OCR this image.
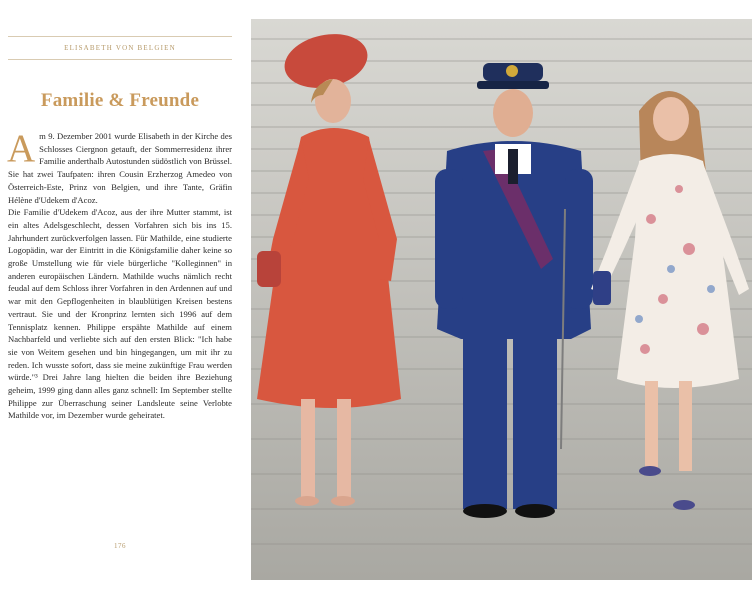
ELISABETH VON BELGIEN
Familie & Freunde

Am 9. Dezember 2001 wurde Elisabeth in der Kirche des Schlosses Ciergnon getauft, der Sommerresidenz ihrer Familie anderthalb Autostunden südöstlich von Brüssel. Sie hat zwei Taufpaten: ihren Cousin Erzherzog Amedeo von Österreich-Este, Prinz von Belgien, und ihre Tante, Gräfin Hélène d'Udekem d'Acoz.

Die Familie d'Udekem d'Acoz, aus der ihre Mutter stammt, ist ein altes Adelsgeschlecht, dessen Vorfahren sich bis ins 15. Jahrhundert zurückverfolgen lassen. Für Mathilde, eine studierte Logopädin, war der Eintritt in die Königsfamilie daher keine so große Umstellung wie für viele bürgerliche "Kolleginnen" in anderen europäischen Ländern. Mathilde wuchs nämlich recht feudal auf dem Schloss ihrer Vorfahren in den Ardennen auf und war mit den Gepflogenheiten in blaublütigen Kreisen bestens vertraut. Sie und der Kronprinz lernten sich 1996 auf dem Tennisplatz kennen. Philippe erspähte Mathilde auf einem Nachbarfeld und verliebte sich auf den ersten Blick: "Ich habe sie von Weitem gesehen und bin hingegangen, um mit ihr zu reden. Ich wusste sofort, dass sie meine zukünftige Frau werden würde."³ Drei Jahre lang hielten die beiden ihre Beziehung geheim, 1999 ging dann alles ganz schnell: Im September stellte Philippe zur Überraschung seiner Landsleute seine Verlobte Mathilde vor, im Dezember wurde geheiratet.

176
